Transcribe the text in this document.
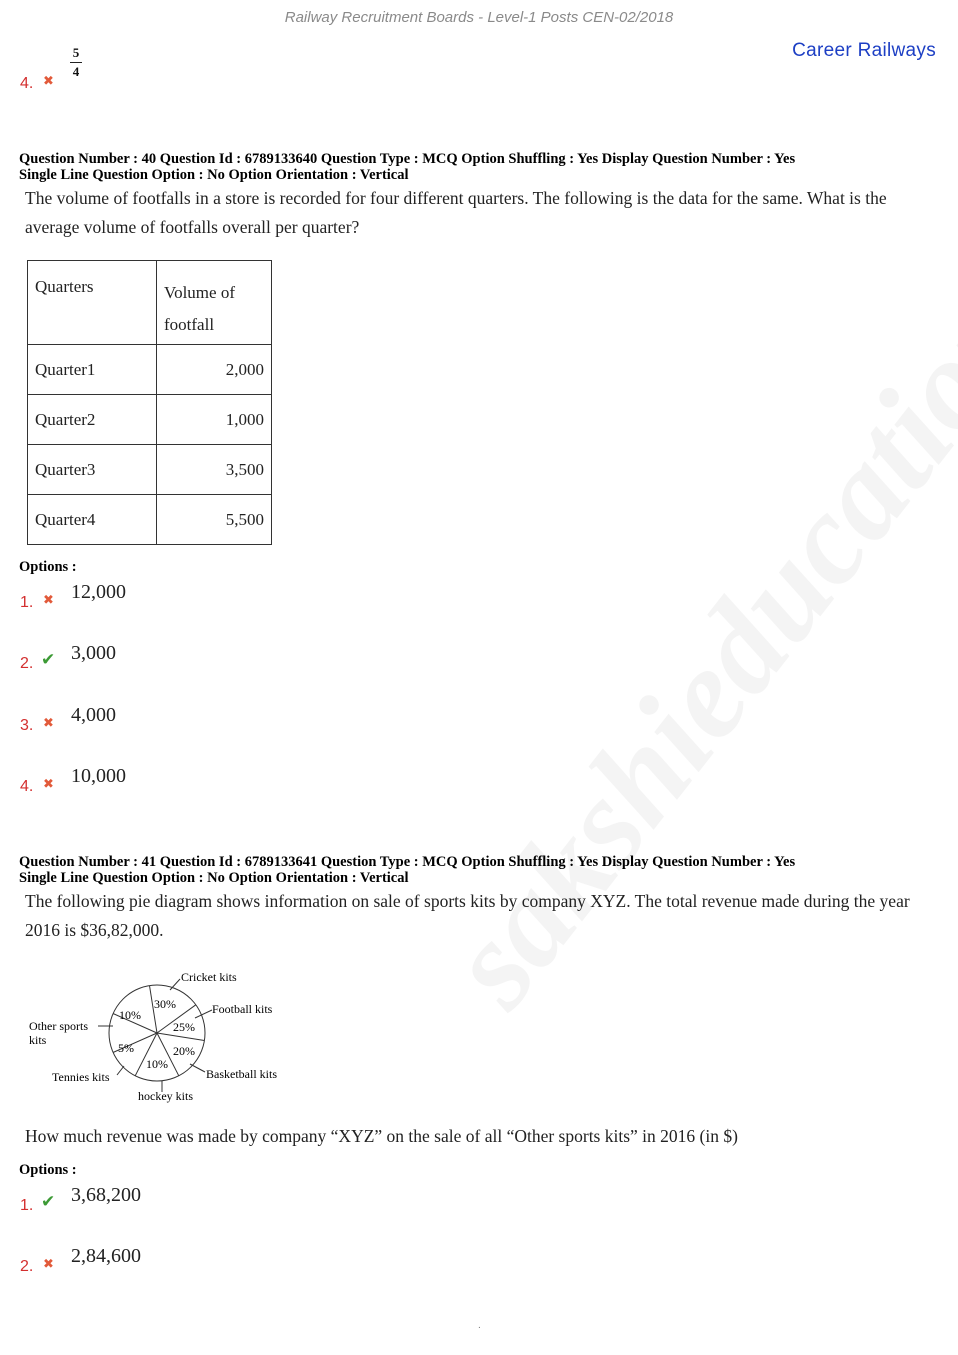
Railway Recruitment Boards - Level-1 Posts CEN-02/2018
Career Railways
4. ✖
5
4
Question Number : 40 Question Id : 6789133640 Question Type : MCQ Option Shuffling : Yes Display Question Number : Yes
Single Line Question Option : No Option Orientation : Vertical
The volume of footfalls in a store is recorded for four different quarters. The following is the data for the same. What is the average volume of footfalls overall per quarter?
Quarters	Volume of footfall
Quarter1	2,000
Quarter2	1,000
Quarter3	3,500
Quarter4	5,500
Options :
1. ✖ 12,000
2. ✔ 3,000
3. ✖ 4,000
4. ✖ 10,000
Question Number : 41 Question Id : 6789133641 Question Type : MCQ Option Shuffling : Yes Display Question Number : Yes
Single Line Question Option : No Option Orientation : Vertical
The following pie diagram shows information on sale of sports kits by company XYZ. The total revenue made during the year 2016 is $36,82,000.
30%
25%
20%
10%
5%
10%
Cricket kits
Football kits
Basketball kits
hockey kits
Tennies kits
Other sports
kits
How much revenue was made by company “XYZ” on the sale of all “Other sports kits” in 2016 (in $)
Options :
1. ✔ 3,68,200
2. ✖ 2,84,600
.
